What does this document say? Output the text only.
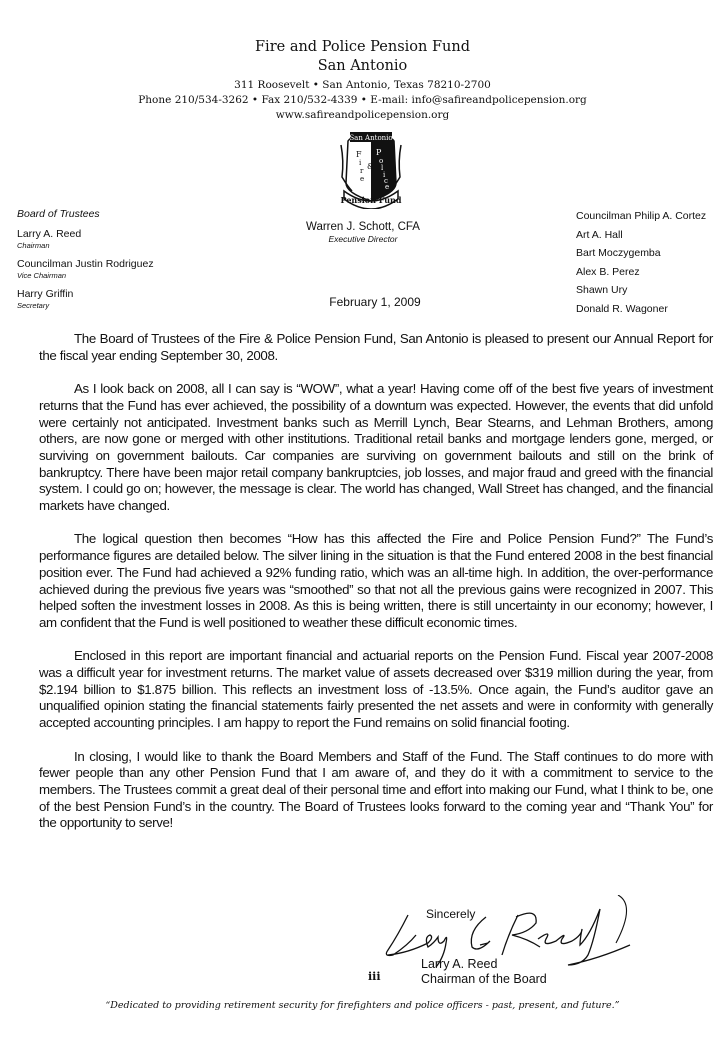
Fire and Police Pension Fund
San Antonio
311 Roosevelt • San Antonio, Texas 78210-2700
Phone 210/534-3262 • Fax 210/532-4339 • E-mail: info@safireandpolicepension.org
www.safireandpolicepension.org
San Antonio
F
i
r
e
&
P
o
l
i
c
e
Pension Fund
Warren J. Schott, CFA
Executive Director
Board of Trustees
Larry A. Reed
Chairman
Councilman Justin Rodriguez
Vice Chairman
Harry Griffin
Secretary
Councilman Philip A. Cortez
Art A. Hall
Bart Moczygemba
Alex B. Perez
Shawn Ury
Donald R. Wagoner
February 1, 2009

The Board of Trustees of the Fire & Police Pension Fund, San Antonio is pleased to present our Annual Report for the fiscal year ending September 30, 2008.

As I look back on 2008, all I can say is “WOW”, what a year! Having come off of the best five years of investment returns that the Fund has ever achieved, the possibility of a downturn was expected. However, the events that did unfold were certainly not anticipated. Investment banks such as Merrill Lynch, Bear Stearns, and Lehman Brothers, among others, are now gone or merged with other institutions. Traditional retail banks and mortgage lenders gone, merged, or surviving on government bailouts. Car companies are surviving on government bailouts and still on the brink of bankruptcy. There have been major retail company bankruptcies, job losses, and major fraud and greed with the financial system. I could go on; however, the message is clear. The world has changed, Wall Street has changed, and the financial markets have changed.

The logical question then becomes “How has this affected the Fire and Police Pension Fund?” The Fund’s performance figures are detailed below. The silver lining in the situation is that the Fund entered 2008 in the best financial position ever. The Fund had achieved a 92% funding ratio, which was an all-time high. In addition, the over-performance achieved during the previous five years was “smoothed” so that not all the previous gains were recognized in 2007. This helped soften the investment losses in 2008. As this is being written, there is still uncertainty in our economy; however, I am confident that the Fund is well positioned to weather these difficult economic times.

Enclosed in this report are important financial and actuarial reports on the Pension Fund. Fiscal year 2007-2008 was a difficult year for investment returns. The market value of assets decreased over $319 million during the year, from $2.194 billion to $1.875 billion. This reflects an investment loss of -13.5%. Once again, the Fund’s auditor gave an unqualified opinion stating the financial statements fairly presented the net assets and were in conformity with generally accepted accounting principles. I am happy to report the Fund remains on solid financial footing.

In closing, I would like to thank the Board Members and Staff of the Fund. The Staff continues to do more with fewer people than any other Pension Fund that I am aware of, and they do it with a commitment to service to the members. The Trustees commit a great deal of their personal time and effort into making our Fund, what I think to be, one of the best Pension Fund’s in the country. The Board of Trustees looks forward to the coming year and “Thank You” for the opportunity to serve!

Sincerely
Larry A. Reed
Chairman of the Board
iii
“Dedicated to providing retirement security for firefighters and police officers - past, present, and future.”
